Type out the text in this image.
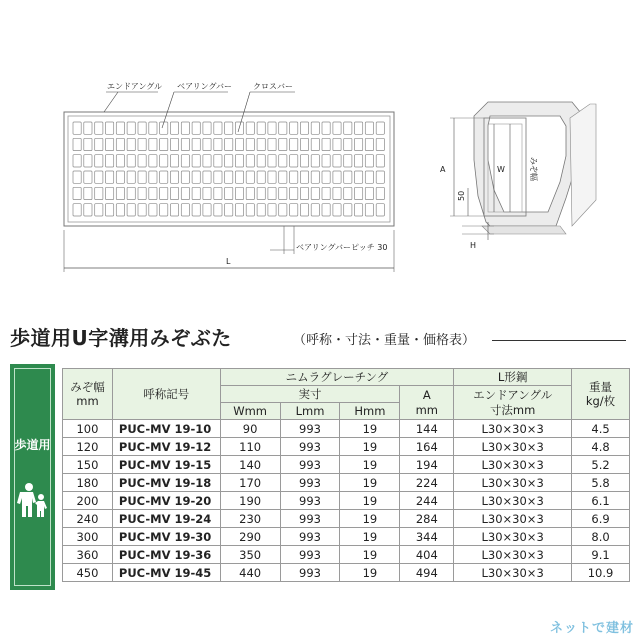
エンドアングル ベアリングバー	クロスバー
L
ベアリングバーピッチ 30
A
50
W	みぞ幅
H
歩道用U字溝用みぞぶた	（呼称・寸法・重量・価格表）
歩道用
みぞ幅
mm	呼称記号	ニムラグレーチング				L形鋼	重量
kg/枚
		実寸			A
mm	エンドアングル
寸法mm	
		Wmm	Lmm	Hmm			
100	PUC-MV 19-10	90	993	19	144	L30×30×3	4.5
120	PUC-MV 19-12	110	993	19	164	L30×30×3	4.8
150	PUC-MV 19-15	140	993	19	194	L30×30×3	5.2
180	PUC-MV 19-18	170	993	19	224	L30×30×3	5.8
200	PUC-MV 19-20	190	993	19	244	L30×30×3	6.1
240	PUC-MV 19-24	230	993	19	284	L30×30×3	6.9
300	PUC-MV 19-30	290	993	19	344	L30×30×3	8.0
360	PUC-MV 19-36	350	993	19	404	L30×30×3	9.1
450	PUC-MV 19-45	440	993	19	494	L30×30×3	10.9
ネットで建材
